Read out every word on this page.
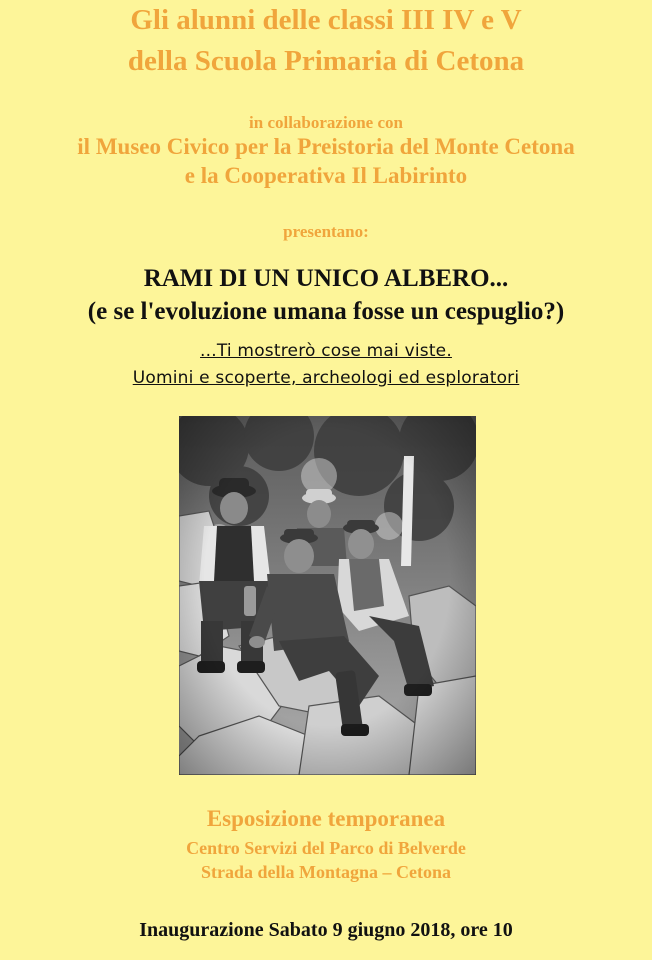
Gli alunni delle classi III IV e V
della Scuola Primaria di Cetona
in collaborazione con
il Museo Civico per la Preistoria del Monte Cetona
e la Cooperativa Il Labirinto
presentano:
RAMI DI UN UNICO ALBERO...
(e se l'evoluzione umana fosse un cespuglio?)
...Ti mostrerò cose mai viste.
Uomini e scoperte, archeologi ed esploratori
Esposizione temporanea
Centro Servizi del Parco di Belverde
Strada della Montagna – Cetona
Inaugurazione Sabato 9 giugno 2018, ore 10
